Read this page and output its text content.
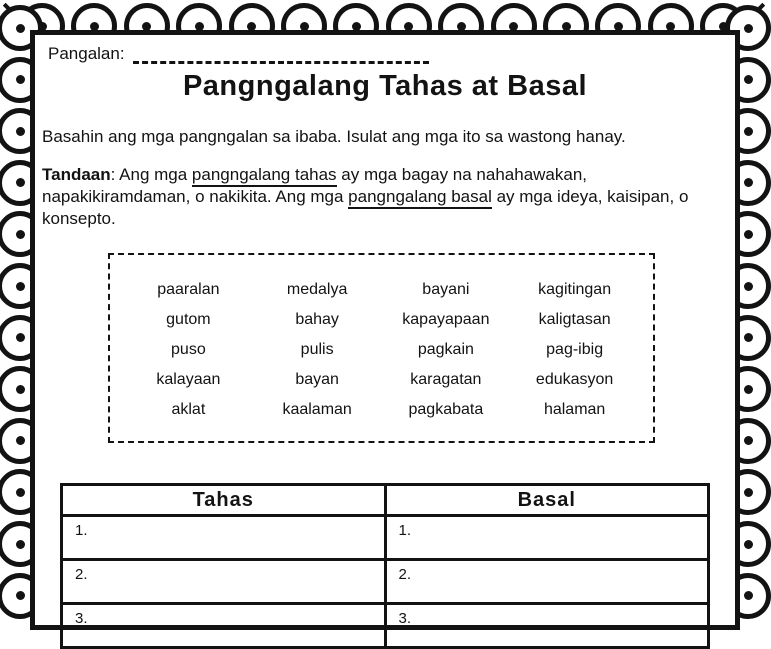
Pangalan:
Pangngalang Tahas at Basal
Basahin ang mga pangngalan sa ibaba. Isulat ang mga ito sa wastong hanay.
Tandaan: Ang mga pangngalang tahas ay mga bagay na nahahawakan,
napakikiramdaman, o nakikita. Ang mga pangngalang basal ay mga ideya, kaisipan, o
konsepto.
paaralan	medalya	bayani	kagitingan
gutom	bahay	kapayapaan	kaligtasan
puso	pulis	pagkain	pag-ibig
kalayaan	bayan	karagatan	edukasyon
aklat	kaalaman	pagkabata	halaman
Tahas	Basal
1.	1.
2.	2.
3.	3.
